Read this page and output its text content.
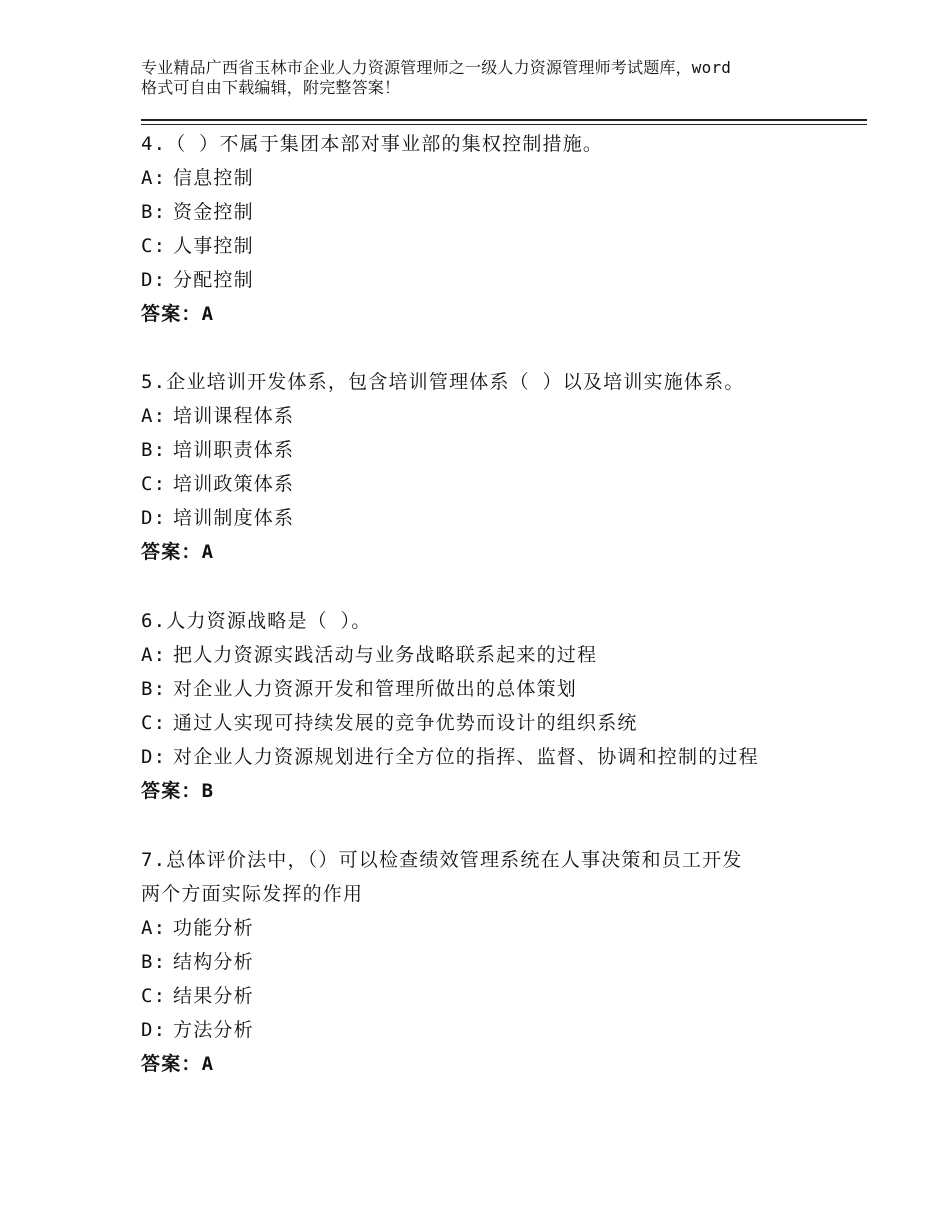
专业精品广西省玉林市企业人力资源管理师之一级人力资源管理师考试题库，word
格式可自由下载编辑，附完整答案！
4.（ ）不属于集团本部对事业部的集权控制措施。
A: 信息控制
B: 资金控制
C: 人事控制
D: 分配控制
答案：A
5.企业培训开发体系，包含培训管理体系（ ）以及培训实施体系。
A: 培训课程体系
B: 培训职责体系
C: 培训政策体系
D: 培训制度体系
答案：A
6.人力资源战略是（ ）。
A: 把人力资源实践活动与业务战略联系起来的过程
B: 对企业人力资源开发和管理所做出的总体策划
C: 通过人实现可持续发展的竞争优势而设计的组织系统
D: 对企业人力资源规划进行全方位的指挥、监督、协调和控制的过程
答案：B
7.总体评价法中，（）可以检查绩效管理系统在人事决策和员工开发
两个方面实际发挥的作用
A: 功能分析
B: 结构分析
C: 结果分析
D: 方法分析
答案：A
